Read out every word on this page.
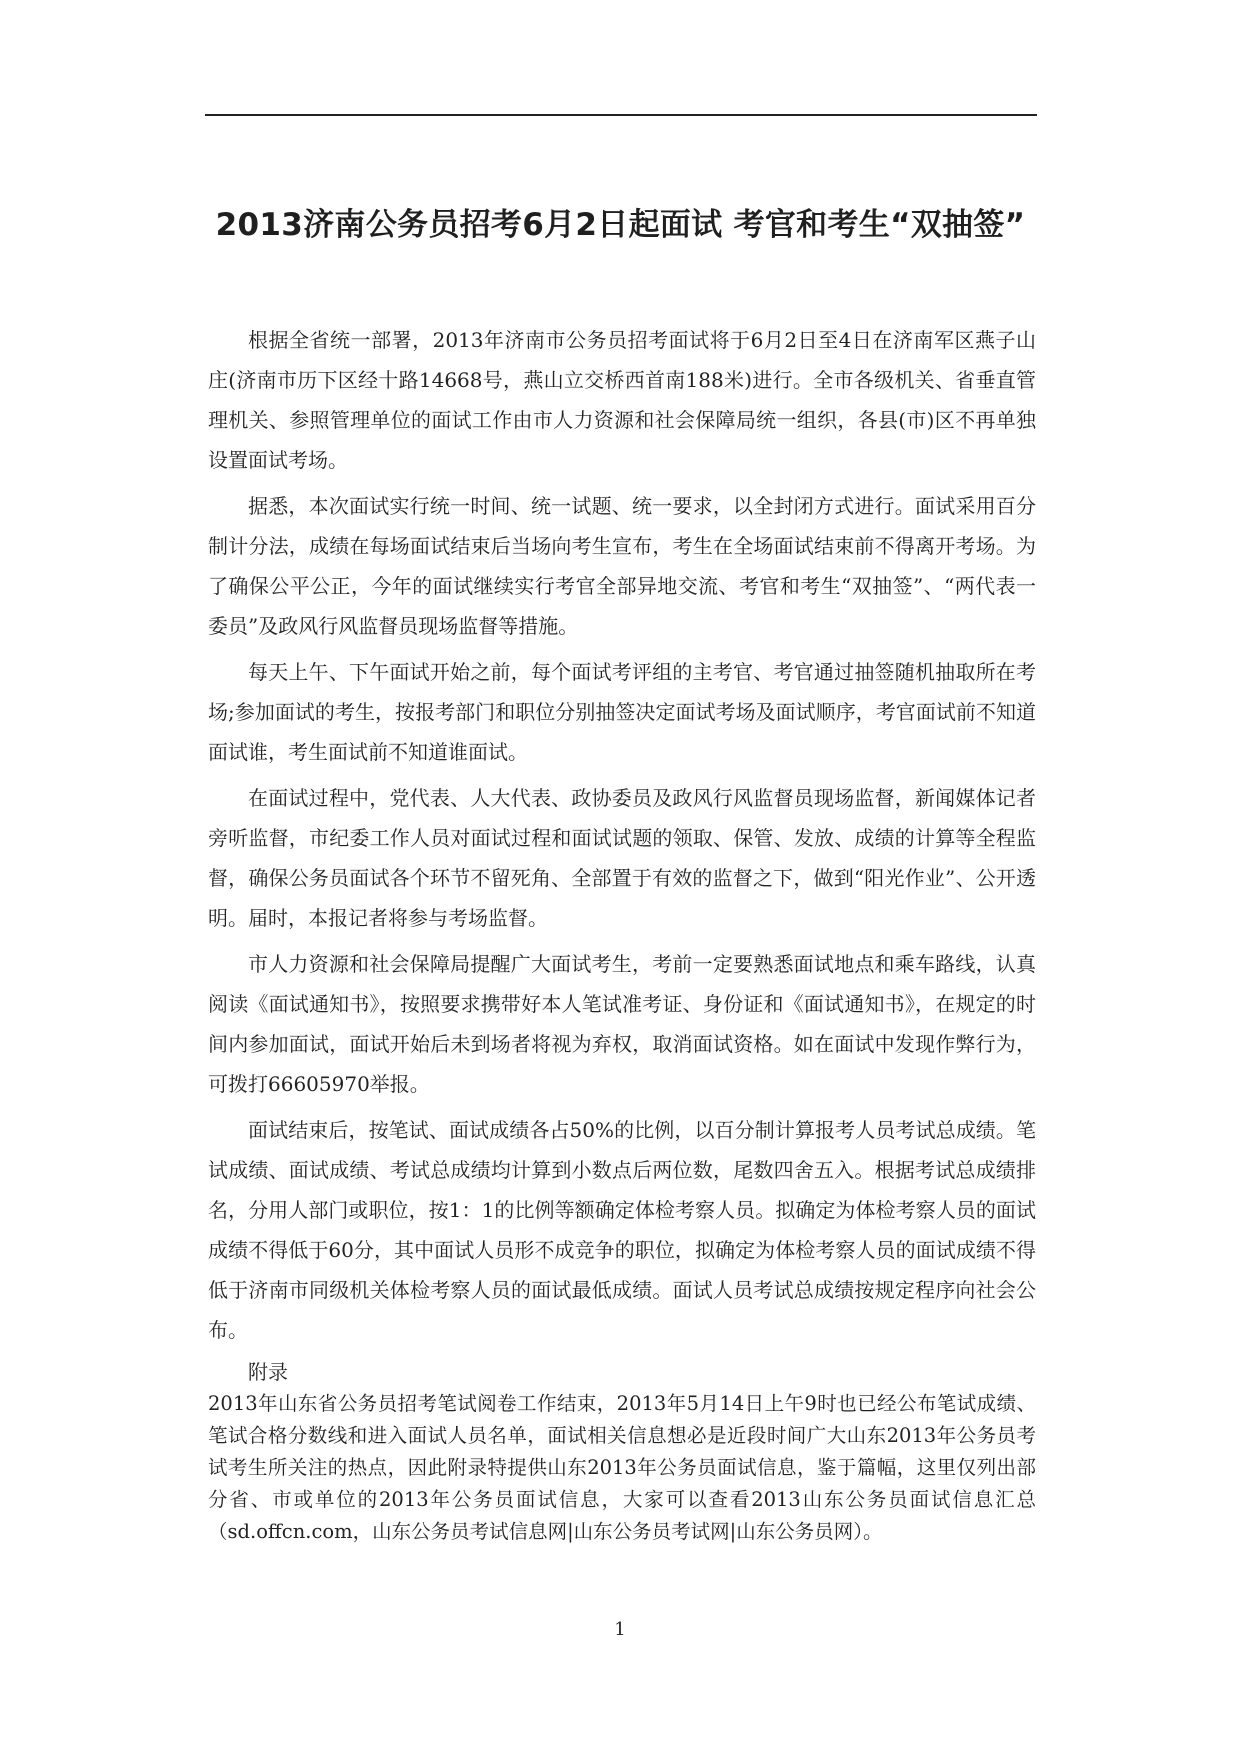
2013济南公务员招考6月2日起面试 考官和考生“双抽签”

根据全省统一部署，2013年济南市公务员招考面试将于6月2日至4日在济南军区燕子山庄(济南市历下区经十路14668号，燕山立交桥西首南188米)进行。全市各级机关、省垂直管理机关、参照管理单位的面试工作由市人力资源和社会保障局统一组织，各县(市)区不再单独设置面试考场。

据悉，本次面试实行统一时间、统一试题、统一要求，以全封闭方式进行。面试采用百分制计分法，成绩在每场面试结束后当场向考生宣布，考生在全场面试结束前不得离开考场。为了确保公平公正，今年的面试继续实行考官全部异地交流、考官和考生“双抽签”、“两代表一委员”及政风行风监督员现场监督等措施。

每天上午、下午面试开始之前，每个面试考评组的主考官、考官通过抽签随机抽取所在考场;参加面试的考生，按报考部门和职位分别抽签决定面试考场及面试顺序，考官面试前不知道面试谁，考生面试前不知道谁面试。

在面试过程中，党代表、人大代表、政协委员及政风行风监督员现场监督，新闻媒体记者旁听监督，市纪委工作人员对面试过程和面试试题的领取、保管、发放、成绩的计算等全程监督，确保公务员面试各个环节不留死角、全部置于有效的监督之下，做到“阳光作业”、公开透明。届时，本报记者将参与考场监督。

市人力资源和社会保障局提醒广大面试考生，考前一定要熟悉面试地点和乘车路线，认真阅读《面试通知书》，按照要求携带好本人笔试准考证、身份证和《面试通知书》，在规定的时间内参加面试，面试开始后未到场者将视为弃权，取消面试资格。如在面试中发现作弊行为，可拨打66605970举报。

面试结束后，按笔试、面试成绩各占50%的比例，以百分制计算报考人员考试总成绩。笔试成绩、面试成绩、考试总成绩均计算到小数点后两位数，尾数四舍五入。根据考试总成绩排名，分用人部门或职位，按1：1的比例等额确定体检考察人员。拟确定为体检考察人员的面试成绩不得低于60分，其中面试人员形不成竞争的职位，拟确定为体检考察人员的面试成绩不得低于济南市同级机关体检考察人员的面试最低成绩。面试人员考试总成绩按规定程序向社会公布。

附录

2013年山东省公务员招考笔试阅卷工作结束，2013年5月14日上午9时也已经公布笔试成绩、笔试合格分数线和进入面试人员名单，面试相关信息想必是近段时间广大山东2013年公务员考试考生所关注的热点，因此附录特提供山东2013年公务员面试信息，鉴于篇幅，这里仅列出部分省、市或单位的2013年公务员面试信息，大家可以查看2013山东公务员面试信息汇总（sd.offcn.com，山东公务员考试信息网|山东公务员考试网|山东公务员网）。

1
